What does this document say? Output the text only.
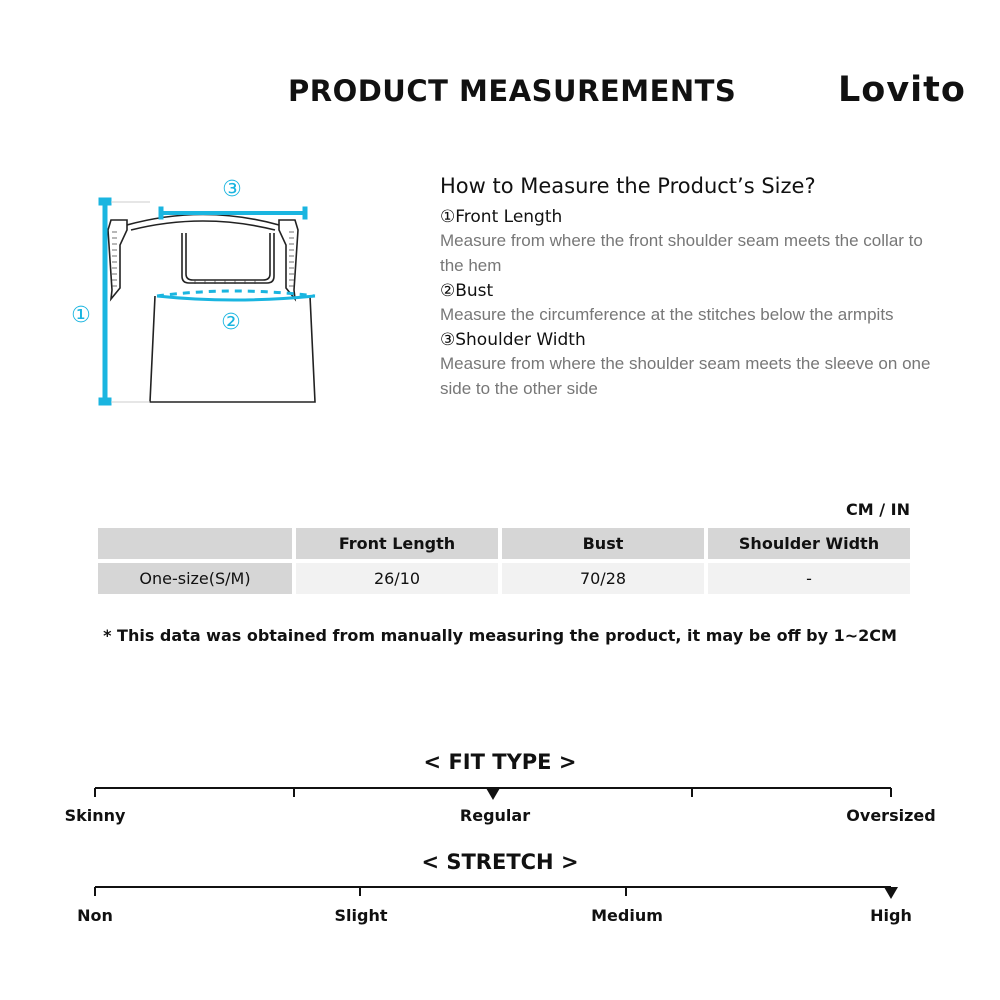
PRODUCT MEASUREMENTS	Lovito
①	②
③	How to Measure the Product’s Size?
①Front Length
Measure from where the front shoulder seam meets the collar to the hem
②Bust
Measure the circumference at the stitches below the armpits
③Shoulder Width
Measure from where the shoulder seam meets the sleeve on one side to the other side
CM / IN
	Front Length	Bust	Shoulder Width
One-size(S/M)	26/10	70/28	-
* This data was obtained from manually measuring the product, it may be off by 1~2CM
< FIT TYPE >
Skinny	Regular	Oversized
< STRETCH >
Non	Slight	Medium	High
